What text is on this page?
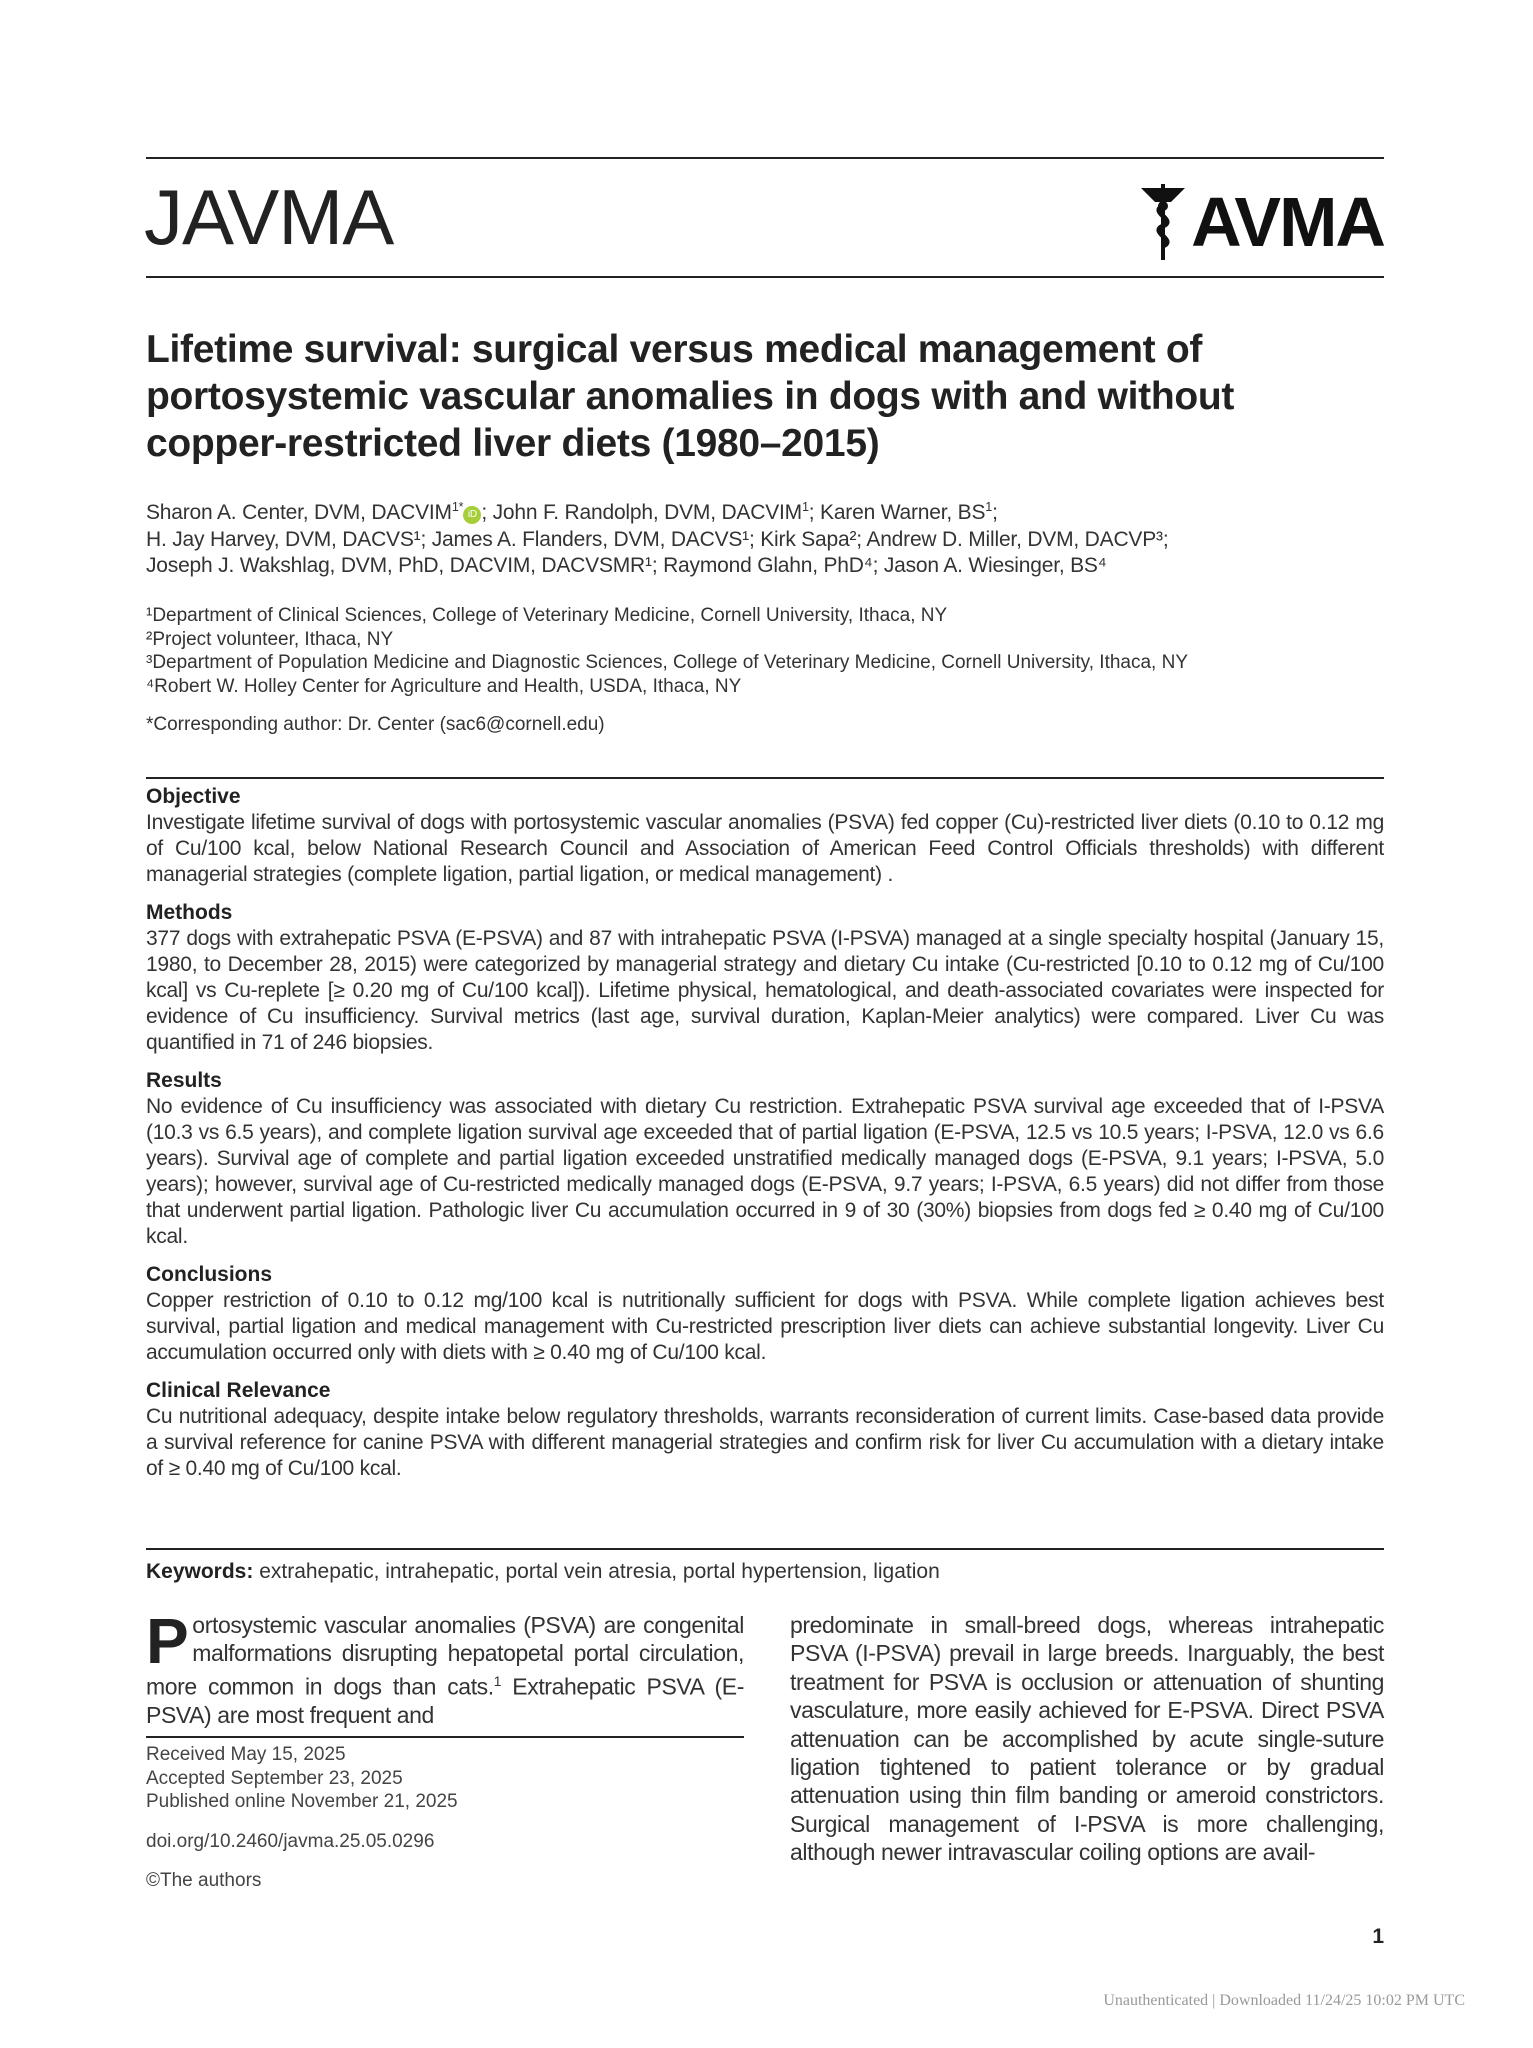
JAVMA	AVMA
Lifetime survival: surgical versus medical management of portosystemic vascular anomalies in dogs with and without copper-restricted liver diets (1980–2015)
Sharon A. Center, DVM, $DACVIM^{1*}iD$ ; John F. Randolph, DVM, DACVIM$^1$; Karen Warner, $BS^1$;
H. Jay Harvey, DVM, DACVS¹; James A. Flanders, DVM, DACVS¹; Kirk Sapa²; Andrew D. Miller, DVM, DACVP³;
Joseph J. Wakshlag, DVM, PhD, DACVIM, DACVSMR¹; Raymond Glahn, PhD⁴; Jason A. Wiesinger, BS⁴
¹Department of Clinical Sciences, College of Veterinary Medicine, Cornell University, Ithaca, NY
²Project volunteer, Ithaca, NY
³Department of Population Medicine and Diagnostic Sciences, College of Veterinary Medicine, Cornell University, Ithaca, NY
⁴Robert W. Holley Center for Agriculture and Health, USDA, Ithaca, NY
*Corresponding author: Dr. Center (sac6@cornell.edu)
Objective

Investigate lifetime survival of dogs with portosystemic vascular anomalies (PSVA) fed copper (Cu)-restricted liver diets (0.10 to 0.12 mg of Cu/100 kcal, below National Research Council and Association of American Feed Control Officials thresholds) with different managerial strategies (complete ligation, partial ligation, or medical management) .

Methods

377 dogs with extrahepatic PSVA (E-PSVA) and 87 with intrahepatic PSVA (I-PSVA) managed at a single specialty hospital (January 15, 1980, to December 28, 2015) were categorized by managerial strategy and dietary Cu intake (Cu-restricted [0.10 to 0.12 mg of Cu/100 kcal] vs Cu-replete [≥ 0.20 mg of Cu/100 kcal]). Lifetime physical, hematological, and death-associated covariates were inspected for evidence of Cu insufficiency. Survival metrics (last age, survival duration, Kaplan-Meier analytics) were compared. Liver Cu was quantified in 71 of 246 biopsies.

Results

No evidence of Cu insufficiency was associated with dietary Cu restriction. Extrahepatic PSVA survival age exceeded that of I-PSVA (10.3 vs 6.5 years), and complete ligation survival age exceeded that of partial ligation (E-PSVA, 12.5 vs 10.5 years; I-PSVA, 12.0 vs 6.6 years). Survival age of complete and partial ligation exceeded unstratified medically managed dogs (E-PSVA, 9.1 years; I-PSVA, 5.0 years); however, survival age of Cu-restricted medically managed dogs (E-PSVA, 9.7 years; I-PSVA, 6.5 years) did not differ from those that underwent partial ligation. Pathologic liver Cu accumulation occurred in 9 of 30 (30%) biopsies from dogs fed ≥ 0.40 mg of Cu/100 kcal.

Conclusions

Copper restriction of 0.10 to 0.12 mg/100 kcal is nutritionally sufficient for dogs with PSVA. While complete ligation achieves best survival, partial ligation and medical management with Cu-restricted prescription liver diets can achieve substantial longevity. Liver Cu accumulation occurred only with diets with ≥ 0.40 mg of Cu/100 kcal.

Clinical Relevance

Cu nutritional adequacy, despite intake below regulatory thresholds, warrants reconsideration of current limits. Case-based data provide a survival reference for canine PSVA with different managerial strategies and confirm risk for liver Cu accumulation with a dietary intake of ≥ 0.40 mg of Cu/100 kcal.

Keywords: extrahepatic, intrahepatic, portal vein atresia, portal hypertension, ligation
Portosystemic vascular anomalies (PSVA) are congenital malformations disrupting hepatopetal portal circulation, more common in dogs than cats.$^1$ Extrahepatic PSVA (E-PSVA) are most frequent and
Received May 15, 2025
Accepted September 23, 2025
Published online November 21, 2025
doi.org/10.2460/javma.25.05.0296
©The authors
predominate in small-breed dogs, whereas intrahepatic PSVA (I-PSVA) prevail in large breeds. Inarguably, the best treatment for PSVA is occlusion or attenuation of shunting vasculature, more easily achieved for E-PSVA. Direct PSVA attenuation can be accomplished by acute single-suture ligation tightened to patient tolerance or by gradual attenuation using thin film banding or ameroid constrictors. Surgical management of I-PSVA is more challenging, although newer intravascular coiling options are avail-
1
Unauthenticated | Downloaded 11/24/25 10:02 PM UTC
